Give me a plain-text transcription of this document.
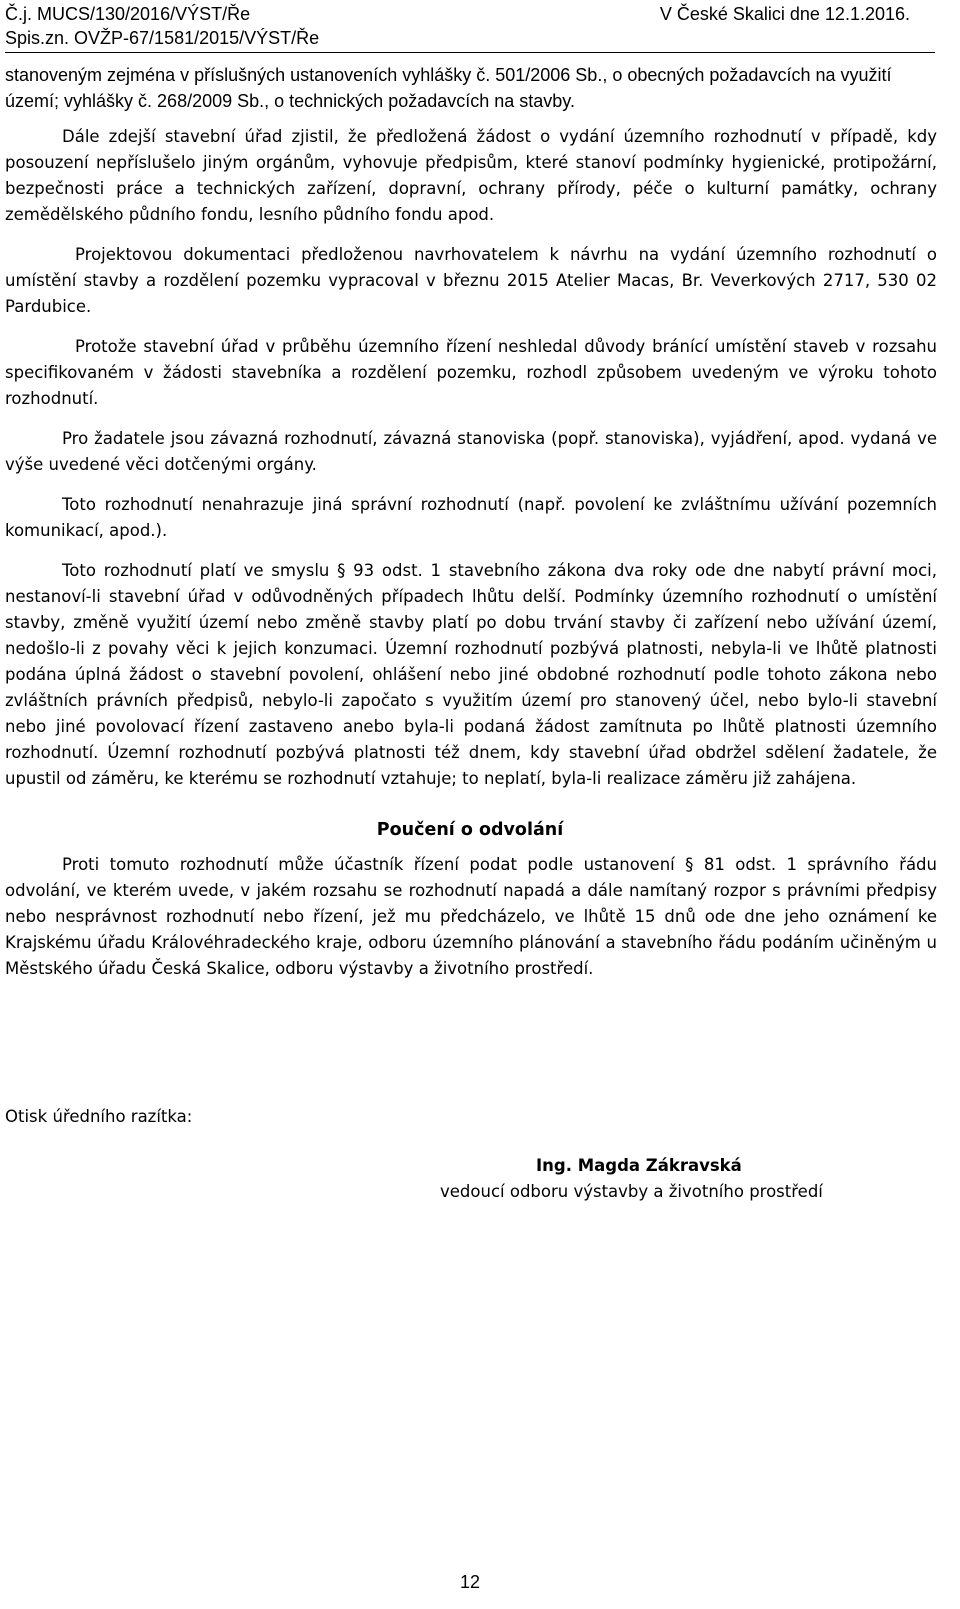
Č.j. MUCS/130/2016/VÝST/Ře	V České Skalici dne 12.1.2016.
Spis.zn. OVŽP-67/1581/2015/VÝST/Ře

stanoveným zejména v příslušných ustanoveních vyhlášky č. 501/2006 Sb., o obecných požadavcích na využití území; vyhlášky č. 268/2009 Sb., o technických požadavcích na stavby.

Dále zdejší stavební úřad zjistil, že předložená žádost o vydání územního rozhodnutí v případě, kdy posouzení nepříslušelo jiným orgánům, vyhovuje předpisům, které stanoví podmínky hygienické, protipožární, bezpečnosti práce a technických zařízení, dopravní, ochrany přírody, péče o kulturní památky, ochrany zemědělského půdního fondu, lesního půdního fondu apod.

Projektovou dokumentaci předloženou navrhovatelem k návrhu na vydání územního rozhodnutí o umístění stavby a rozdělení pozemku vypracoval v březnu 2015 Atelier Macas, Br. Veverkových 2717, 530 02 Pardubice.

Protože stavební úřad v průběhu územního řízení neshledal důvody bránící umístění staveb v rozsahu specifikovaném v žádosti stavebníka a rozdělení pozemku, rozhodl způsobem uvedeným ve výroku tohoto rozhodnutí.

Pro žadatele jsou závazná rozhodnutí, závazná stanoviska (popř. stanoviska), vyjádření, apod. vydaná ve výše uvedené věci dotčenými orgány.

Toto rozhodnutí nenahrazuje jiná správní rozhodnutí (např. povolení ke zvláštnímu užívání pozemních komunikací, apod.).

Toto rozhodnutí platí ve smyslu § 93 odst. 1 stavebního zákona dva roky ode dne nabytí právní moci, nestanoví-li stavební úřad v odůvodněných případech lhůtu delší. Podmínky územního rozhodnutí o umístění stavby, změně využití území nebo změně stavby platí po dobu trvání stavby či zařízení nebo užívání území, nedošlo-li z povahy věci k jejich konzumaci. Územní rozhodnutí pozbývá platnosti, nebyla-li ve lhůtě platnosti podána úplná žádost o stavební povolení, ohlášení nebo jiné obdobné rozhodnutí podle tohoto zákona nebo zvláštních právních předpisů, nebylo-li započato s využitím území pro stanovený účel, nebo bylo-li stavební nebo jiné povolovací řízení zastaveno anebo byla-li podaná žádost zamítnuta po lhůtě platnosti územního rozhodnutí. Územní rozhodnutí pozbývá platnosti též dnem, kdy stavební úřad obdržel sdělení žadatele, že upustil od záměru, ke kterému se rozhodnutí vztahuje; to neplatí, byla-li realizace záměru již zahájena.

Poučení o odvolání

Proti tomuto rozhodnutí může účastník řízení podat podle ustanovení § 81 odst. 1 správního řádu odvolání, ve kterém uvede, v jakém rozsahu se rozhodnutí napadá a dále namítaný rozpor s právními předpisy nebo nesprávnost rozhodnutí nebo řízení, jež mu předcházelo, ve lhůtě 15 dnů ode dne jeho oznámení ke Krajskému úřadu Královéhradeckého kraje, odboru územního plánování a stavebního řádu podáním učiněným u Městského úřadu Česká Skalice, odboru výstavby a životního prostředí.

Otisk úředního razítka:
Ing. Magda Zákravská
vedoucí odboru výstavby a životního prostředí
12
